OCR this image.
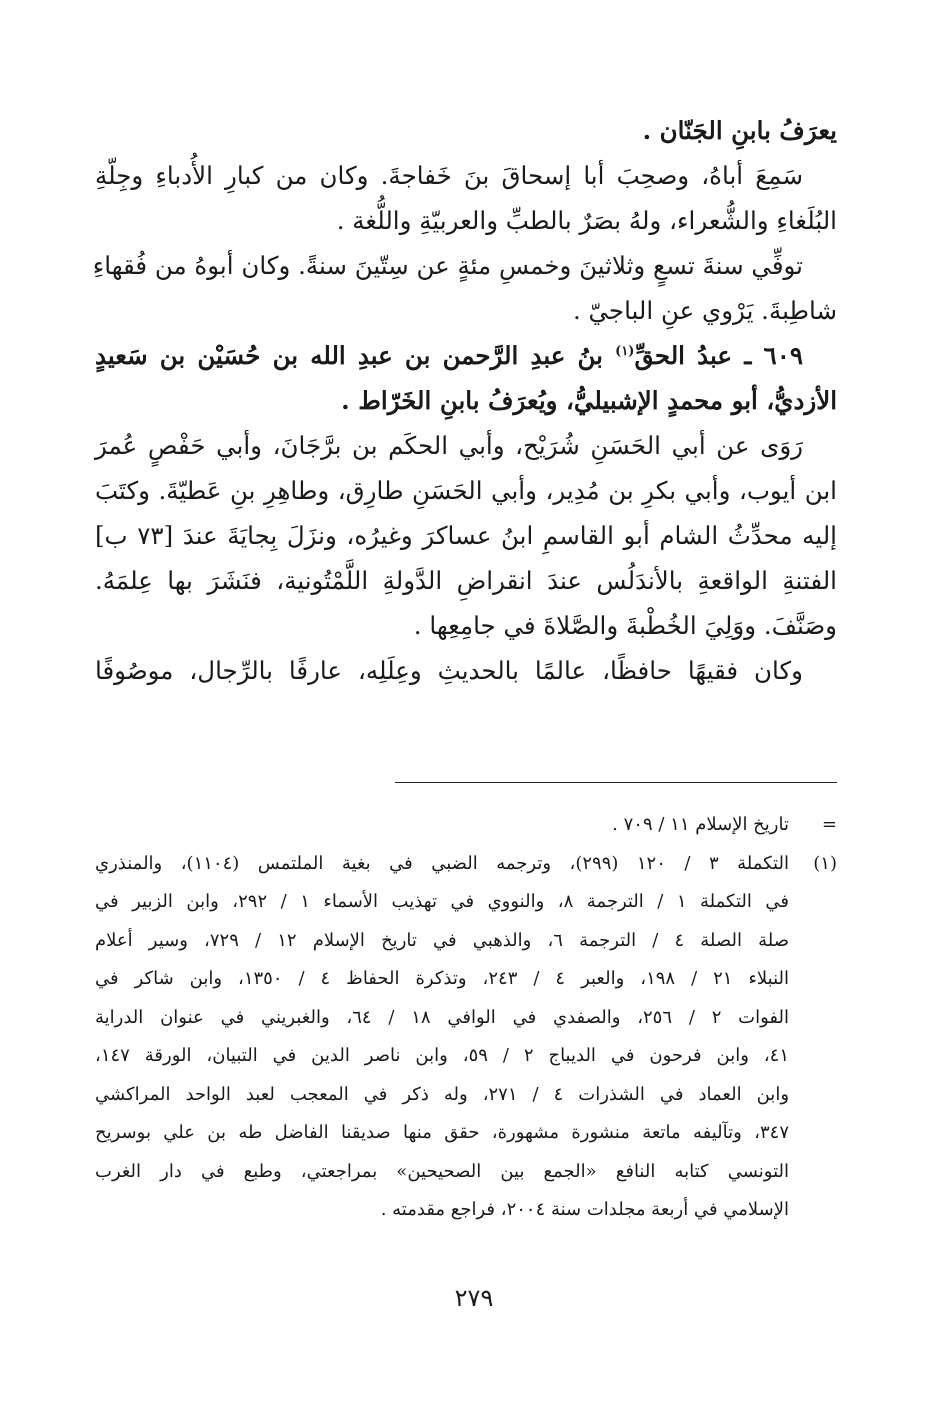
يعرَفُ بابنِ الجَنّان .

سَمِعَ أباهُ، وصحِبَ أبا إسحاقَ بنَ خَفاجةَ. وكان من كبارِ الأُدباءِ وجِلّةِ
البُلَغاءِ والشُّعراء، ولهُ بصَرٌ بالطبِّ والعربيّةِ واللُّغة .

توفِّي سنةَ تسعٍ وثلاثينَ وخمسِ مئةٍ عن سِتّينَ سنةً. وكان أبوهُ من فُقهاءِ
شاطِبةَ. يَرْوي عنِ الباجيّ .

٦٠٩ ـ عبدُ الحقِّ$^{(١)}$ بنُ عبدِ الرَّحمن بن عبدِ الله بن حُسَيْن بن سَعيدٍ
الأزديُّ، أبو محمدٍ الإشبيليُّ، ويُعرَفُ بابنِ الخَرّاط .

رَوَى عن أبي الحَسَنِ شُرَيْح، وأبي الحكَم بن برَّجَانَ، وأبي حَفْصٍ عُمرَ
ابن أيوب، وأبي بكرِ بن مُدِير، وأبي الحَسَنِ طارِق، وطاهِرِ بنِ عَطيّةَ. وكتَبَ
إليه محدِّثُ الشام أبو القاسمِ ابنُ عساكرَ وغيرُه، ونزَلَ بِجايَةَ عندَ [٧٣ ب]
الفتنةِ الواقعةِ بالأندَلُس عندَ انقراضِ الدَّولةِ اللَّمْتُونية، فنَشَرَ بها عِلمَهُ.
وصَنَّفَ. ووَلِيَ الخُطْبةَ والصَّلاةَ في جامِعِها .

وكان فقيهًا حافظًا، عالمًا بالحديثِ وعِلَلِه، عارفًا بالرِّجال، موصُوفًا

=
تاريخ الإسلام ١١ / ٧٠٩ .
(١)
التكملة ٣ / ١٢٠ (٢٩٩)، وترجمه الضبي في بغية الملتمس (١١٠٤)، والمنذري
في التكملة ١ / الترجمة ٨، والنووي في تهذيب الأسماء ١ / ٢٩٢، وابن الزبير في
صلة الصلة ٤ / الترجمة ٦، والذهبي في تاريخ الإسلام ١٢ / ٧٢٩، وسير أعلام
النبلاء ٢١ / ١٩٨، والعبر ٤ / ٢٤٣، وتذكرة الحفاظ ٤ / ١٣٥٠، وابن شاكر في
الفوات ٢ / ٢٥٦، والصفدي في الوافي ١٨ / ٦٤، والغبريني في عنوان الدراية
٤١، وابن فرحون في الديباج ٢ / ٥٩، وابن ناصر الدين في التبيان، الورقة ١٤٧،
وابن العماد في الشذرات ٤ / ٢٧١، وله ذكر في المعجب لعبد الواحد المراكشي
٣٤٧، وتآليفه ماتعة منشورة مشهورة، حقق منها صديقنا الفاضل طه بن علي بوسريح
التونسي كتابه النافع «الجمع بين الصحيحين» بمراجعتي، وطبع في دار الغرب
الإسلامي في أربعة مجلدات سنة ٢٠٠٤، فراجع مقدمته .
٢٧٩
